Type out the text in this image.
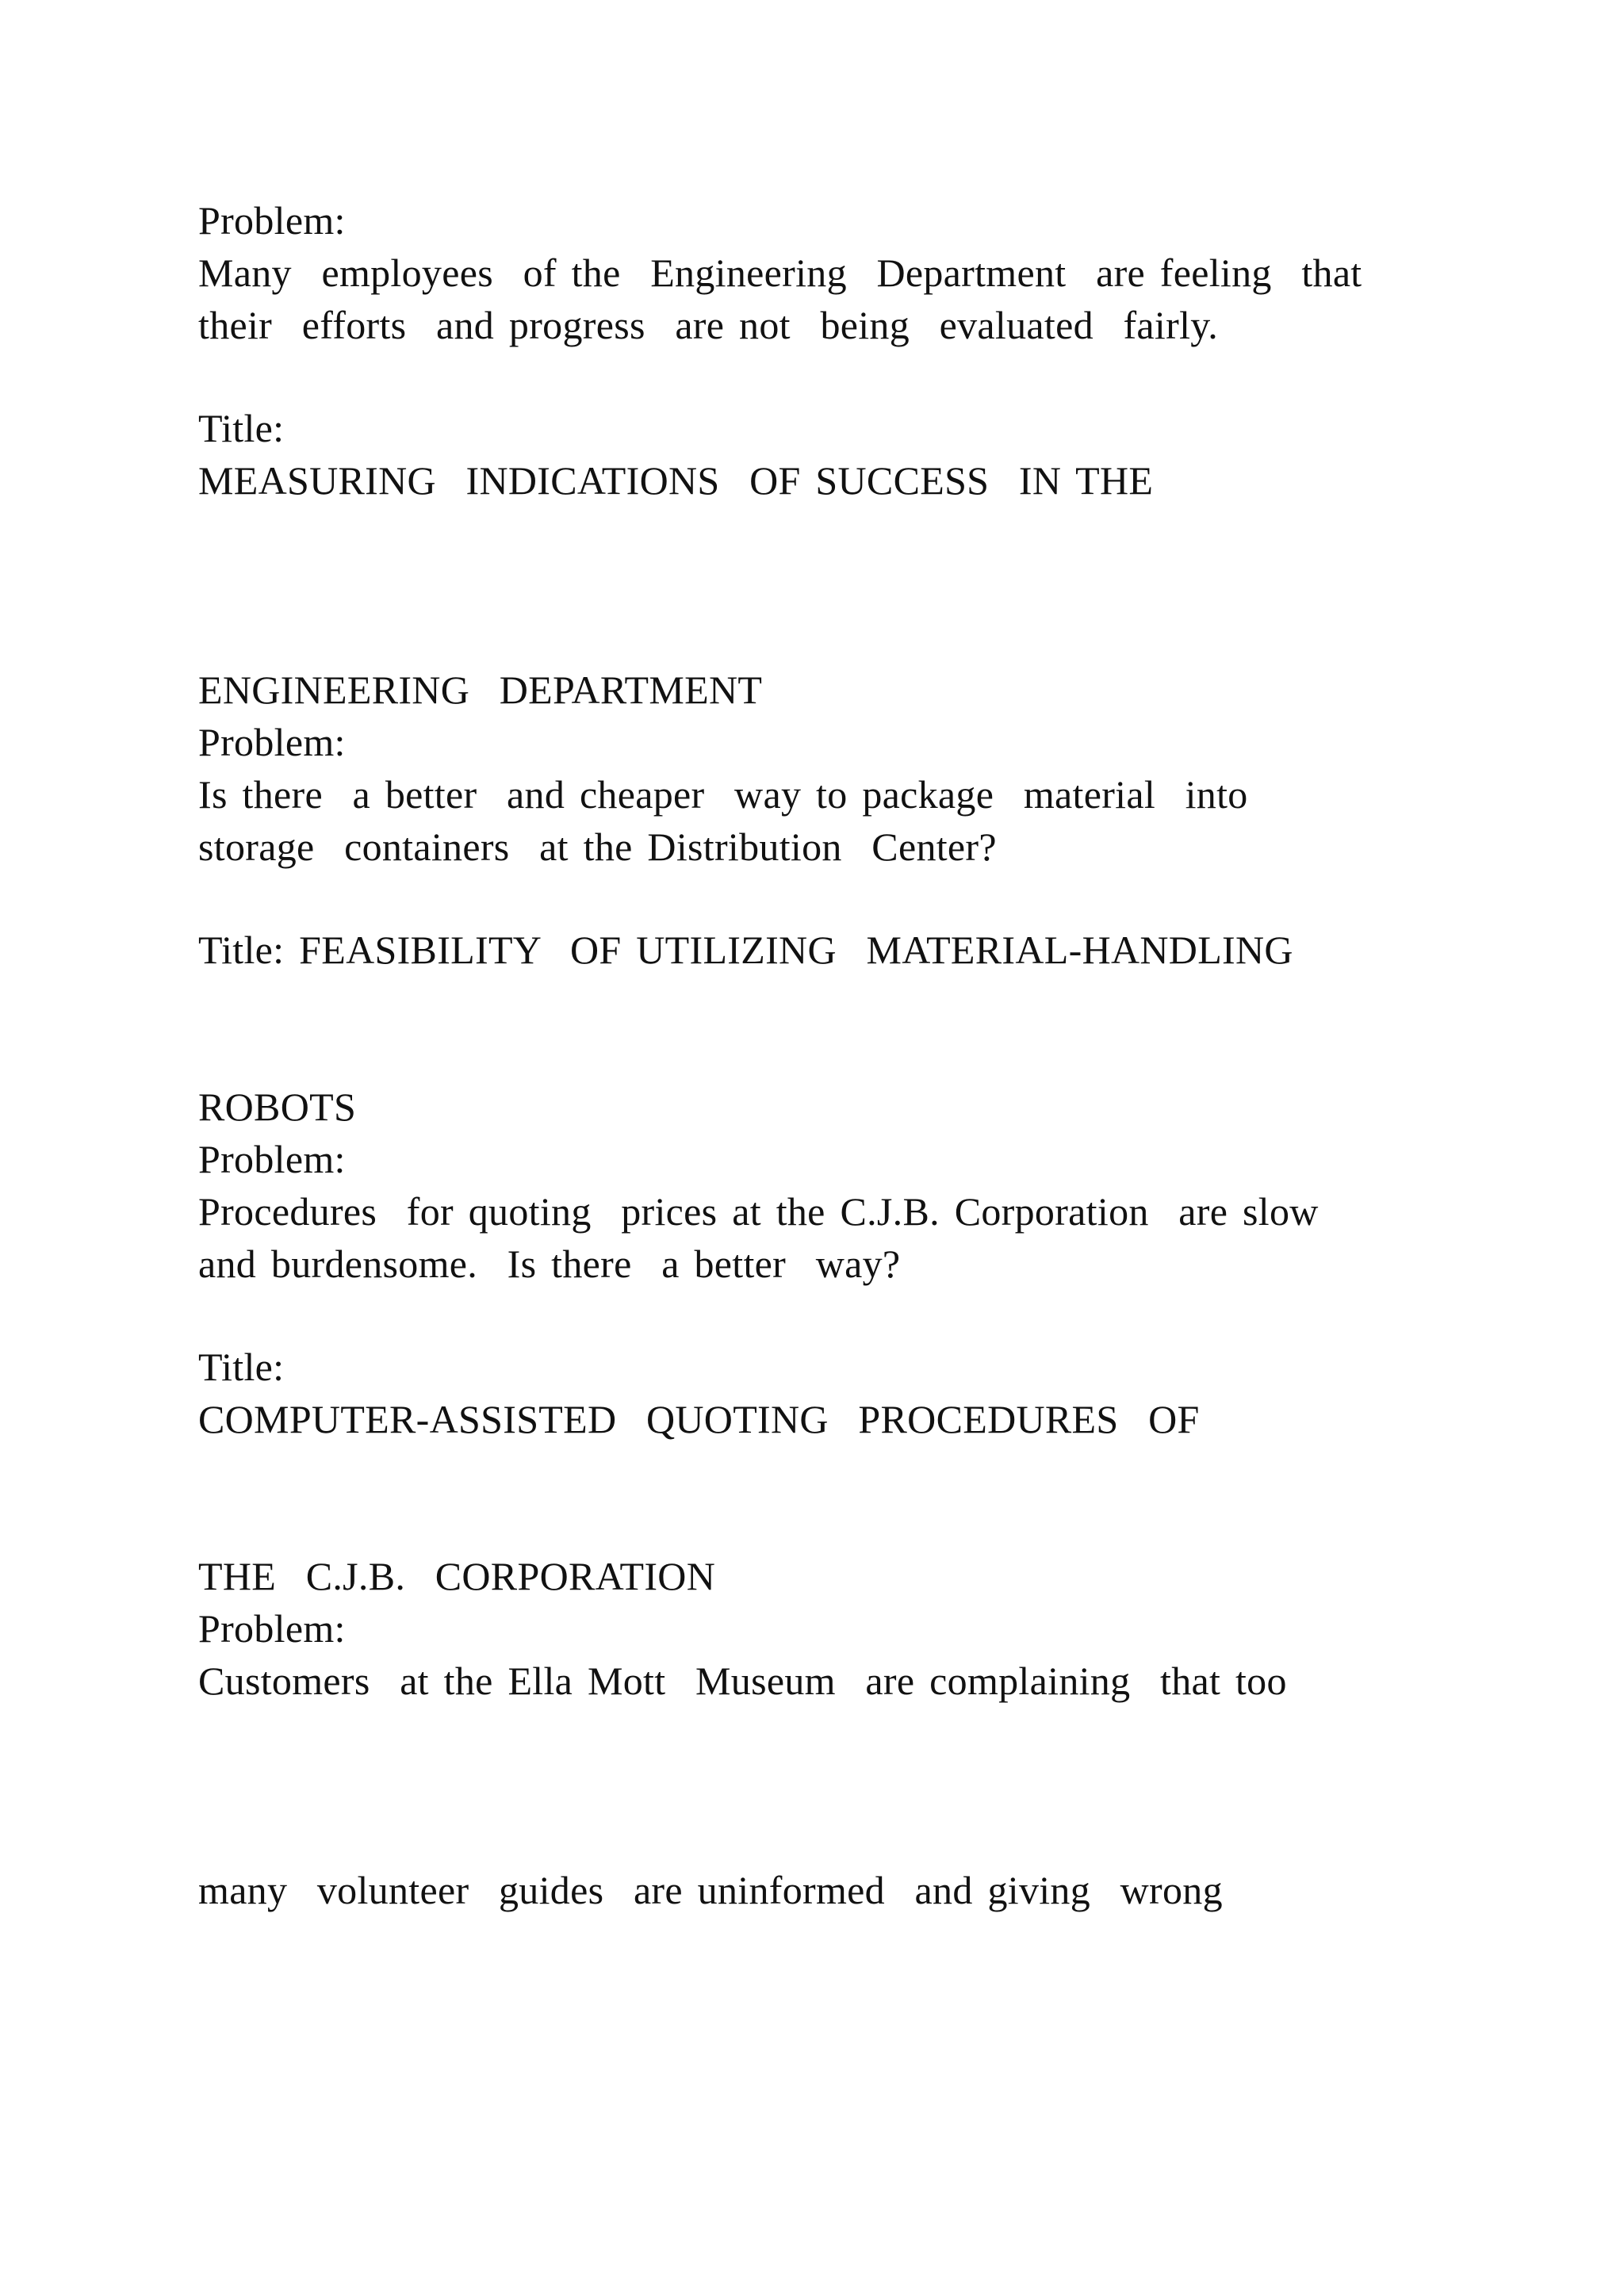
Problem:

Many  employees  of the  Engineering  Department  are feeling  that

their  efforts  and progress  are not  being  evaluated  fairly.

Title:

MEASURING  INDICATIONS  OF SUCCESS  IN THE

ENGINEERING  DEPARTMENT

Problem:

Is there  a better  and cheaper  way to package  material  into

storage  containers  at the Distribution  Center?

Title: FEASIBILITY  OF UTILIZING  MATERIAL-HANDLING

ROBOTS

Problem:

Procedures  for quoting  prices at the C.J.B. Corporation  are slow

and burdensome.  Is there  a better  way?

Title:

COMPUTER-ASSISTED  QUOTING  PROCEDURES  OF

THE  C.J.B.  CORPORATION

Problem:

Customers  at the Ella Mott  Museum  are complaining  that too

many  volunteer  guides  are uninformed  and giving  wrong
